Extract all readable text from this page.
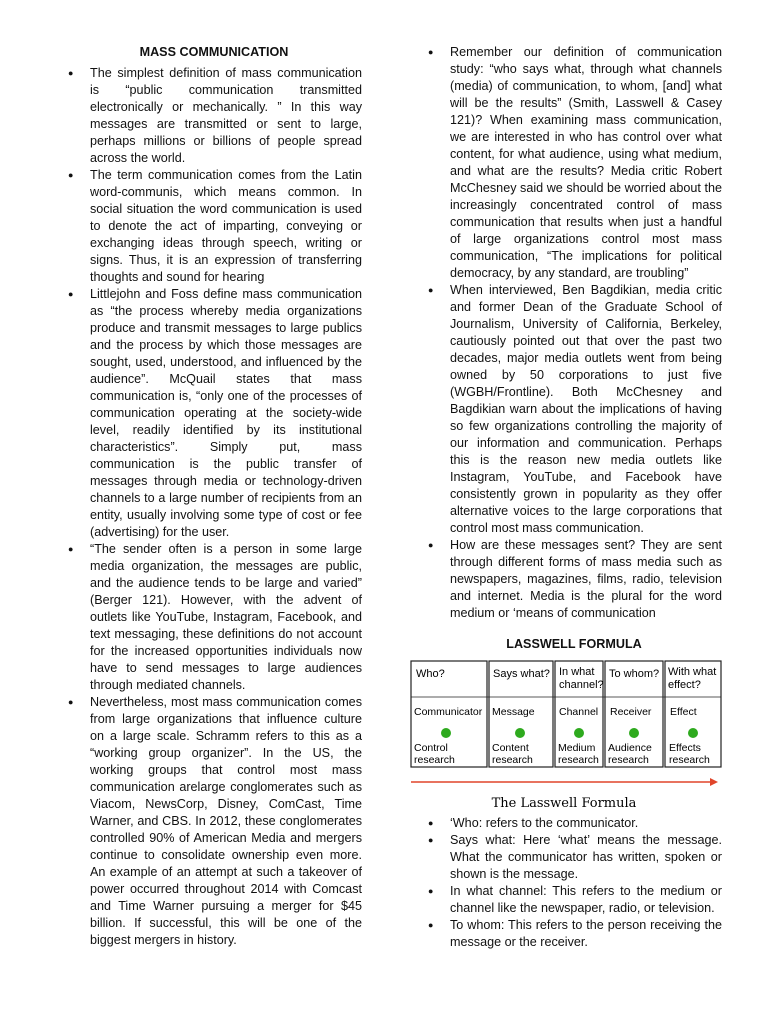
MASS COMMUNICATION
● The simplest definition of mass communication is “public communication transmitted electronically or mechanically. ” In this way messages are transmitted or sent to large, perhaps millions or billions of people spread across the world.
● The term communication comes from the Latin word-communis, which means common. In social situation the word communication is used to denote the act of imparting, conveying or exchanging ideas through speech, writing or signs. Thus, it is an expression of transferring thoughts and sound for hearing
● Littlejohn and Foss define mass communication as “the process whereby media organizations produce and transmit messages to large publics and the process by which those messages are sought, used, understood, and influenced by the audience”. McQuail states that mass communication is, “only one of the processes of communication operating at the society-wide level, readily identified by its institutional characteristics”. Simply put, mass communication is the public transfer of messages through media or technology-driven channels to a large number of recipients from an entity, usually involving some type of cost or fee (advertising) for the user.
● “The sender often is a person in some large media organization, the messages are public, and the audience tends to be large and varied” (Berger 121). However, with the advent of outlets like YouTube, Instagram, Facebook, and text messaging, these definitions do not account for the increased opportunities individuals now have to send messages to large audiences through mediated channels.
● Nevertheless, most mass communication comes from large organizations that influence culture on a large scale. Schramm refers to this as a “working group organizer”. In the US, the working groups that control most mass communication arelarge conglomerates such as Viacom, NewsCorp, Disney, ComCast, Time Warner, and CBS. In 2012, these conglomerates controlled 90% of American Media and mergers continue to consolidate ownership even more. An example of an attempt at such a takeover of power occurred throughout 2014 with Comcast and Time Warner pursuing a merger for $45 billion. If successful, this will be one of the biggest mergers in history.
● Remember our definition of communication study: “who says what, through what channels (media) of communication, to whom, [and] what will be the results” (Smith, Lasswell & Casey 121)? When examining mass communication, we are interested in who has control over what content, for what audience, using what medium, and what are the results? Media critic Robert McChesney said we should be worried about the increasingly concentrated control of mass communication that results when just a handful of large organizations control most mass communication, “The implications for political democracy, by any standard, are troubling”
● When interviewed, Ben Bagdikian, media critic and former Dean of the Graduate School of Journalism, University of California, Berkeley, cautiously pointed out that over the past two decades, major media outlets went from being owned by 50 corporations to just five (WGBH/Frontline). Both McChesney and Bagdikian warn about the implications of having so few organizations controlling the majority of our information and communication. Perhaps this is the reason new media outlets like Instagram, YouTube, and Facebook have consistently grown in popularity as they offer alternative voices to the large corporations that control most mass communication.
● How are these messages sent? They are sent through different forms of mass media such as newspapers, magazines, films, radio, television and internet. Media is the plural for the word medium or ‘means of communication
LASSWELL FORMULA
Who?	Says what? In what
channel?
To whom? With what
effect?
Communicator Message Channel Receiver Effect
Control
research
Content
research
Medium
research
Audience
research
Effects
research
The Lasswell Formula
● ‘Who: refers to the communicator.
● Says what: Here ‘what’ means the message. What the communicator has written, spoken or shown is the message.
● In what channel: This refers to the medium or channel like the newspaper, radio, or television.
● To whom: This refers to the person receiving the message or the receiver.
